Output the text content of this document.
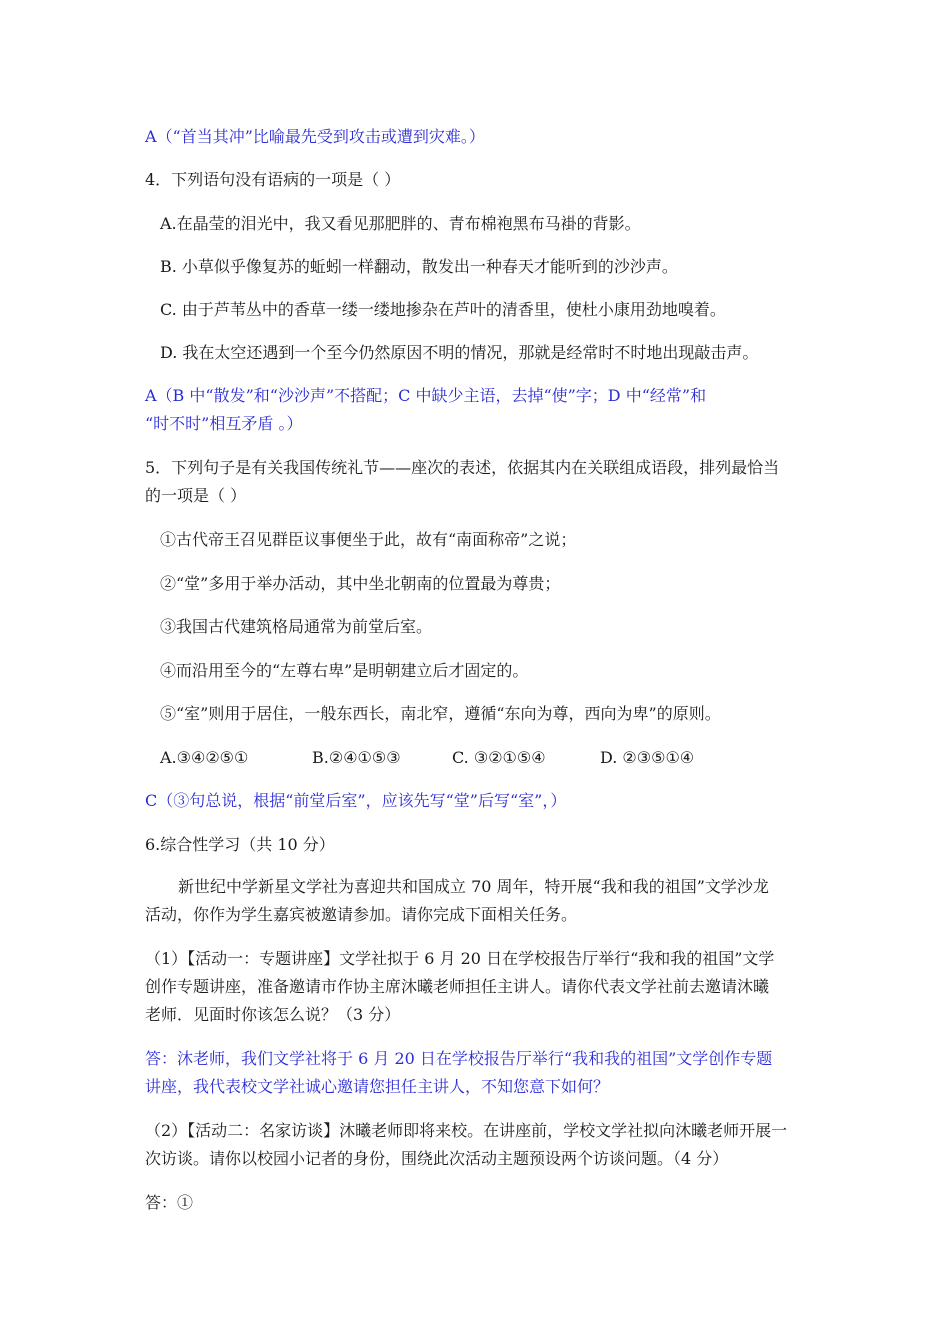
A（“首当其冲”比喻最先受到攻击或遭到灾难。）
4．下列语句没有语病的一项是（ ）
A.在晶莹的泪光中，我又看见那肥胖的、青布棉袍黑布马褂的背影。
B. 小草似乎像复苏的蚯蚓一样翻动，散发出一种春天才能听到的沙沙声。
C. 由于芦苇丛中的香草一缕一缕地掺杂在芦叶的清香里，使杜小康用劲地嗅着。
D. 我在太空还遇到一个至今仍然原因不明的情况，那就是经常时不时地出现敲击声。
A（B 中“散发”和“沙沙声”不搭配；C 中缺少主语，去掉“使”字；D 中“经常”和
“时不时”相互矛盾 。）
5．下列句子是有关我国传统礼节——座次的表述，依据其内在关联组成语段，排列最恰当
的一项是（ ）
①古代帝王召见群臣议事便坐于此，故有“南面称帝”之说；
②“堂”多用于举办活动，其中坐北朝南的位置最为尊贵；
③我国古代建筑格局通常为前堂后室。
④而沿用至今的“左尊右卑”是明朝建立后才固定的。
⑤“室”则用于居住，一般东西长，南北窄，遵循“东向为尊，西向为卑”的原则。
A.③④②⑤①	B.②④①⑤③	C. ③②①⑤④	D. ②③⑤①④
C（③句总说，根据“前堂后室”，应该先写“堂”后写“室”，）
6.综合性学习（共 10 分）
新世纪中学新星文学社为喜迎共和国成立 70 周年，特开展“我和我的祖国”文学沙龙
活动，你作为学生嘉宾被邀请参加。请你完成下面相关任务。
（1）【活动一：专题讲座】文学社拟于 6 月 20 日在学校报告厅举行“我和我的祖国”文学
创作专题讲座，准备邀请市作协主席沐曦老师担任主讲人。请你代表文学社前去邀请沐曦
老师．见面时你该怎么说？（3 分）
答：沐老师，我们文学社将于 6 月 20 日在学校报告厅举行“我和我的祖国”文学创作专题
讲座，我代表校文学社诚心邀请您担任主讲人，不知您意下如何？
（2）【活动二：名家访谈】沐曦老师即将来校。在讲座前，学校文学社拟向沐曦老师开展一
次访谈。请你以校园小记者的身份，围绕此次活动主题预设两个访谈问题。（4 分）
答：①
